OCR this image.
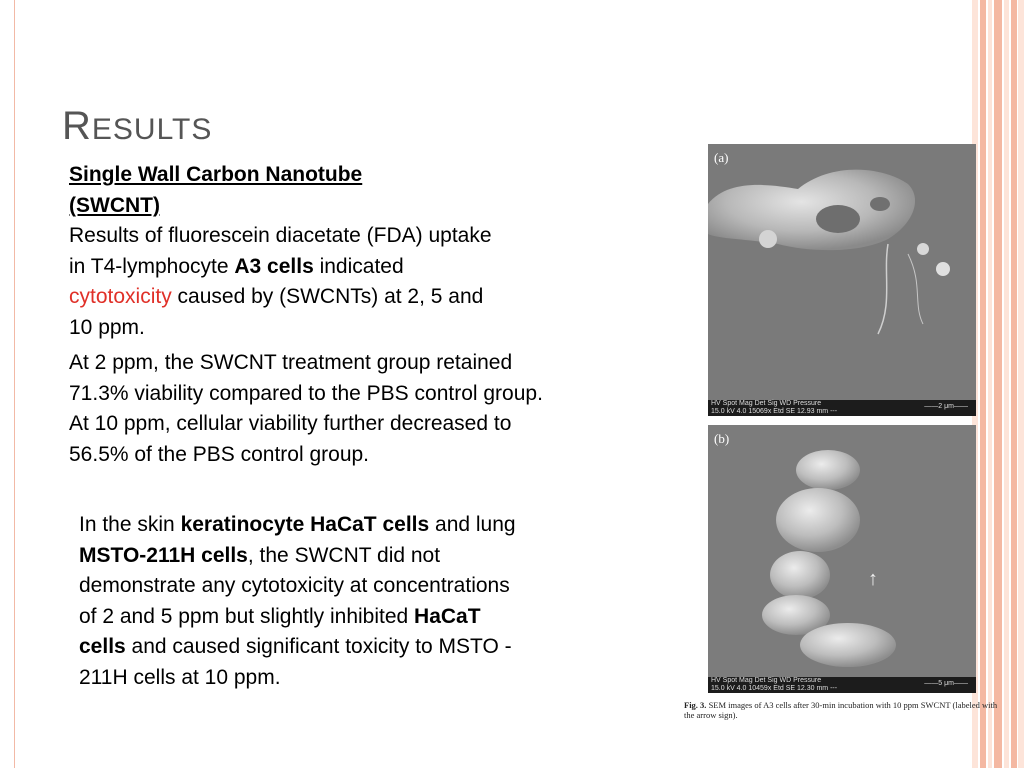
RESULTS
Single Wall Carbon Nanotube
(SWCNT)
Results of fluorescein diacetate (FDA) uptake
in T4-lymphocyte A3 cells indicated
cytotoxicity caused by (SWCNTs) at 2, 5 and
10 ppm.
At 2 ppm, the SWCNT treatment group retained
71.3% viability compared to the PBS control group.
At 10 ppm, cellular viability further decreased to
56.5% of the PBS control group.
In the skin keratinocyte HaCaT cells and lung
MSTO-211H cells, the SWCNT did not
demonstrate any cytotoxicity at concentrations
of 2 and 5 ppm but slightly inhibited HaCaT
cells and caused significant toxicity to MSTO -
211H cells at 10 ppm.
(a)
HV Spot Mag Det Sig WD Pressure
15.0 kV 4.0 15069x Etd SE 12.93 mm ---
——2 μm——
↑
(b)
HV Spot Mag Det Sig WD Pressure
15.0 kV 4.0 10459x Etd SE 12.30 mm ---
——5 μm——
Fig. 3. SEM images of A3 cells after 30-min incubation with 10 ppm SWCNT (labeled with the arrow sign).
